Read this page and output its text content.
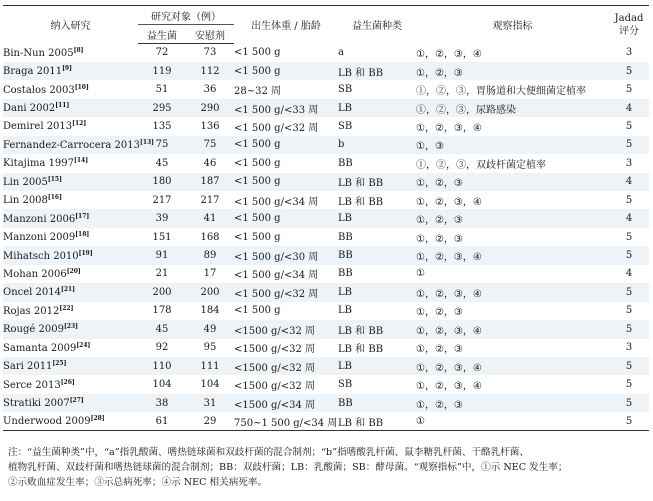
纳入研究	研究对象（例）		出生体重 / 胎龄	益生菌种类	观察指标	Jadad
评分
	益生菌	安慰剂				
Bin-Nun 2005[8]	72	73	<1 500 g	a	①，②，③，④	3
Braga 2011[9]	119	112	<1 500 g	LB 和 BB	①，②，③	5
Costalos 2003[10]	51	36	28~32 周	SB	①，②，③，胃肠道和大便细菌定植率	5
Dani 2002[11]	295	290	<1 500 g/<33 周	LB	①，②，③，尿路感染	4
Demirel 2013[12]	135	136	<1 500 g/<32 周	SB	①，②，③，④	5
Fernandez-Carrocera 2013[13]	75	75	<1 500 g	b	①，③	5
Kitajima 1997[14]	45	46	<1 500 g	BB	①，②，③，双歧杆菌定植率	3
Lin 2005[15]	180	187	<1 500 g	LB 和 BB	①，②，③	4
Lin 2008[16]	217	217	<1 500 g/<34 周	LB 和 BB	①，②，③，④	5
Manzoni 2006[17]	39	41	<1 500 g	LB	①，②，③	4
Manzoni 2009[18]	151	168	<1 500 g	BB	①，②，③	5
Mihatsch 2010[19]	91	89	<1 500 g/<30 周	BB	①，②，③，④	5
Mohan 2006[20]	21	17	<1 500 g/<34 周	BB	①	4
Oncel 2014[21]	200	200	<1 500 g/<32 周	LB	①，②，③，④	5
Rojas 2012[22]	178	184	<1 500 g	LB	①，②，③	5
Rougé 2009[23]	45	49	<1500 g/<32 周	LB 和 BB	①，②，③，④	5
Samanta 2009[24]	92	95	<1500 g/<32 周	LB 和 BB	①，②，③	3
Sari 2011[25]	110	111	<1500 g/<32 周	LB	①，②，③，④	5
Serce 2013[26]	104	104	<1500 g/<32 周	SB	①，②，③，④	5
Stratiki 2007[27]	38	31	<1500 g/<34 周	BB	①，②，③	5
Underwood 2009[28]	61	29	750~1 500 g/<34 周	LB 和 BB	①	5
注：“益生菌种类”中，“a”指乳酸菌、嗜热链球菌和双歧杆菌的混合制剂；“b”指嗜酸乳杆菌、鼠李糖乳杆菌、干酪乳杆菌、
植物乳杆菌、双歧杆菌和嗜热链球菌的混合制剂；BB：双歧杆菌；LB：乳酸菌；SB：酵母菌。“观察指标”中，①示 NEC 发生率；
②示败血症发生率；③示总病死率；④示 NEC 相关病死率。
